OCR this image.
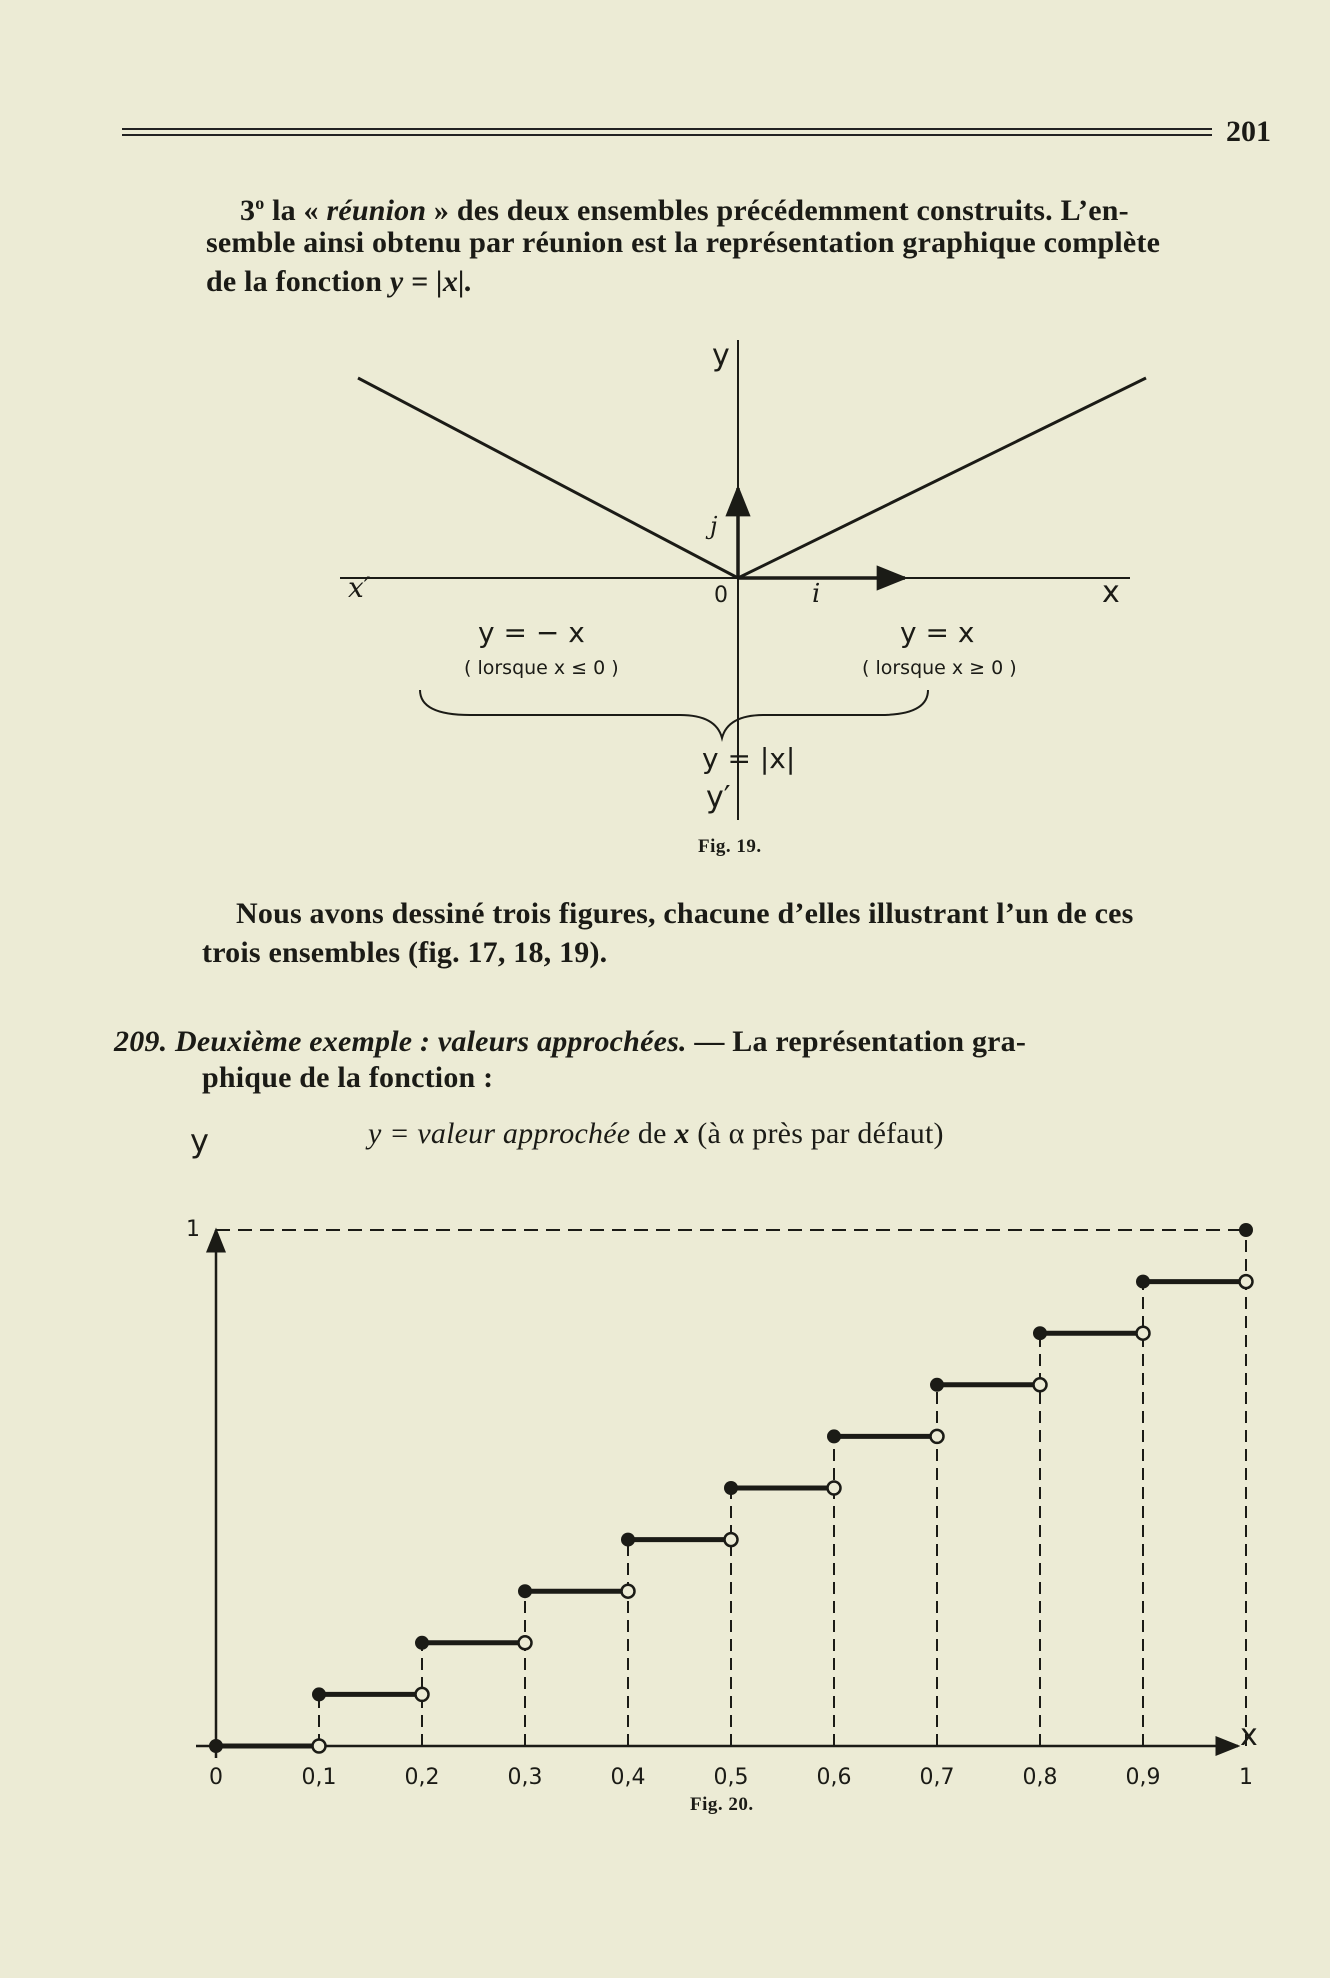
201
3$^o$ la « réunion » des deux ensembles précédemment construits. L’en-
semble ainsi obtenu par réunion est la représentation graphique complète
de la fonction y = |x|.
y
y′
x′	x
0	i
j
y = − x
( lorsque x ≤ 0 )
y = x
( lorsque x ≥ 0 )
y = |x|
Fig. 19.
Nous avons dessiné trois figures, chacune d’elles illustrant l’un de ces
trois ensembles (fig. 17, 18, 19).
209. Deuxième exemple : valeurs approchées. — La représentation gra-
phique de la fonction :
y = valeur approchée de x (à α près par défaut)
y
x
0	0,1	0,2	0,3	0,4	0,5	0,6	0,7	0,8	0,9	1
1
Fig. 20.
